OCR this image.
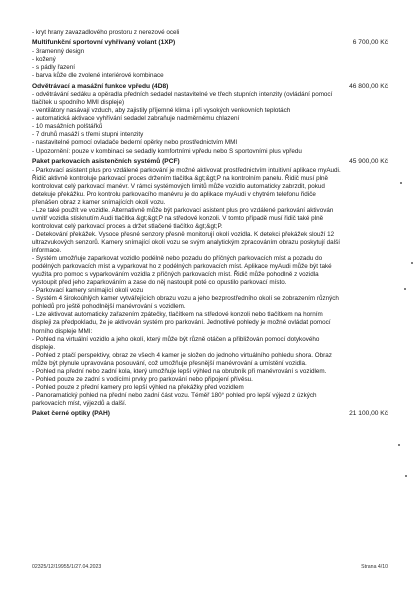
- kryt hrany zavazadlového prostoru z nerezové oceli
Multifunkční sportovní vyhřívaný volant (1XP)	6 700,00 Kč
- 3ramenný design
- kožený
- s pádly řazení
- barva kůže dle zvolené interiérové kombinace
Odvětrávací a masážní funkce vpředu (4D8)	46 800,00 Kč
- odvětrávání sedáku a opěradla předních sedadel nastavitelné ve třech stupních intenzity (ovládání pomocí tlačítek u spodního MMI displeje)
- ventilátory nasávají vzduch, aby zajistily příjemné klima i při vysokých venkovních teplotách
- automatická aktivace vyhřívání sedadel zabraňuje nadměrnému chlazení
- 10 masážních polštářků
- 7 druhů masáží s třemi stupni intenzity
- nastavitelné pomocí ovladače bederní opěrky nebo prostřednictvím MMI
- Upozornění: pouze v kombinaci se sedadly komfortními vpředu nebo S sportovními plus vpředu
Paket parkovacích asistenčních systémů (PCF)	45 900,00 Kč
- Parkovací asistent plus pro vzdálené parkování je možné aktivovat prostřednictvím intuitivní aplikace myAudi. Řidič aktivně kontroluje parkovací proces držením tlačítka &gt;&gt;P na kontrolním panelu. Řidič musí plně kontrolovat celý parkovací manévr. V rámci systémových limitů může vozidlo automaticky zabrzdit, pokud detekuje překážku. Pro kontrolu parkovacího manévru je do aplikace myAudi v chytrém telefonu řidiče přenášen obraz z kamer snímajících okolí vozu.
- Lze také použít ve vozidle. Alternativně může být parkovací asistent plus pro vzdálené parkování aktivován uvnitř vozidla stisknutím Audi tlačítka &gt;&gt;P na středové konzoli. V tomto případě musí řidič také plně kontrolovat celý parkovací proces a držet stlačené tlačítko &gt;&gt;P.
- Detekování překážek. Vysoce přesné senzory přesně monitorují okolí vozidla. K detekci překážek slouží 12 ultrazvukových senzorů. Kamery snímající okolí vozu se svým analytickým zpracováním obrazu poskytují další informace.
- Systém umožňuje zaparkovat vozidlo podélně nebo pozadu do příčných parkovacích míst a pozadu do podélných parkovacích míst a vyparkovat ho z podélných parkovacích míst. Aplikace myAudi může být také využita pro pomoc s vyparkováním vozidla z příčných parkovacích míst. Řidič může pohodlně z vozidla vystoupit před jeho zaparkováním a zase do něj nastoupit poté co opustilo parkovací místo.
- Parkovací kamery snímající okolí vozu
- Systém 4 širokoúhlých kamer vytvářejících obrazu vozu a jeho bezprostředního okolí se zobrazením různých pohledů pro ještě pohodlnější manévrování s vozidlem.
- Lze aktivovat automaticky zařazením zpátečky, tlačítkem na středové konzoli nebo tlačítkem na horním displeji za předpokladu, že je aktivován systém pro parkování. Jednotlivé pohledy je možné ovládat pomocí horního displeje MMI:
- Pohled na virtuální vozidlo a jeho okolí, který může být různě otáčen a přibližován pomocí dotykového displeje.
- Pohled z ptačí perspektivy, obraz ze všech 4 kamer je složen do jednoho virtuálního pohledu shora. Obraz může být plynule upravována posouvání, což umožňuje přesnější manévrování a umístění vozidla.
- Pohled na přední nebo zadní kola, který umožňuje lepší výhled na obrubník při manévrování s vozidlem.
- Pohled pouze ze zadní s vodícími prvky pro parkování nebo připojení přívěsu.
- Pohled pouze z přední kamery pro lepší výhled na překážky před vozidlem
- Panoramatický pohled na přední nebo zadní část vozu. Téměř 180° pohled pro lepší výjezd z úzkých parkovacích míst, výjezdů a další.
Paket černé optiky (PAH)	21 100,00 Kč
02325/12/19955/1/27.04.2023	Strana 4/10
